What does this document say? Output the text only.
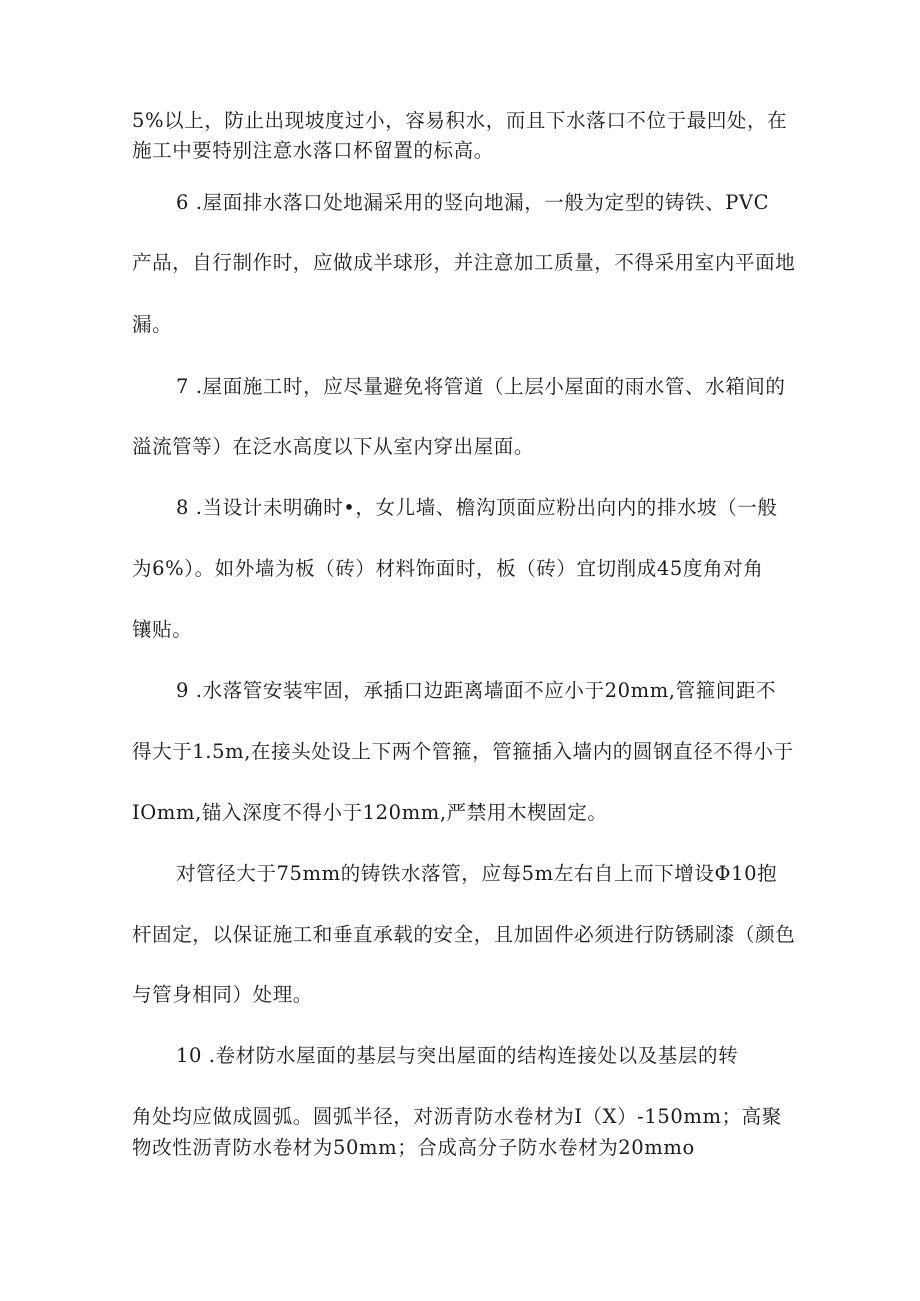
5%以上，防止出现坡度过小，容易积水，而且下水落口不位于最凹处，在
施工中要特别注意水落口杯留置的标高。
6 .屋面排水落口处地漏采用的竖向地漏，一般为定型的铸铁、PVC
产品，自行制作时，应做成半球形，并注意加工质量，不得采用室内平面地
漏。
7 .屋面施工时，应尽量避免将管道（上层小屋面的雨水管、水箱间的
溢流管等）在泛水高度以下从室内穿出屋面。
8 .当设计未明确时•，女儿墙、檐沟顶面应粉出向内的排水坡（一般
为6%）。如外墙为板（砖）材料饰面时，板（砖）宜切削成45度角对角
镶贴。
9 .水落管安装牢固，承插口边距离墙面不应小于20mm,管箍间距不
得大于1.5m,在接头处设上下两个管箍，管箍插入墙内的圆钢直径不得小于
IOmm,锚入深度不得小于120mm,严禁用木楔固定。
对管径大于75mm的铸铁水落管，应每5m左右自上而下增设Φ10抱
杆固定，以保证施工和垂直承载的安全，且加固件必须进行防锈刷漆（颜色
与管身相同）处理。
10 .卷材防水屋面的基层与突出屋面的结构连接处以及基层的转
角处均应做成圆弧。圆弧半径，对沥青防水卷材为I（X）-150mm；高聚
物改性沥青防水卷材为50mm；合成高分子防水卷材为20mmo
